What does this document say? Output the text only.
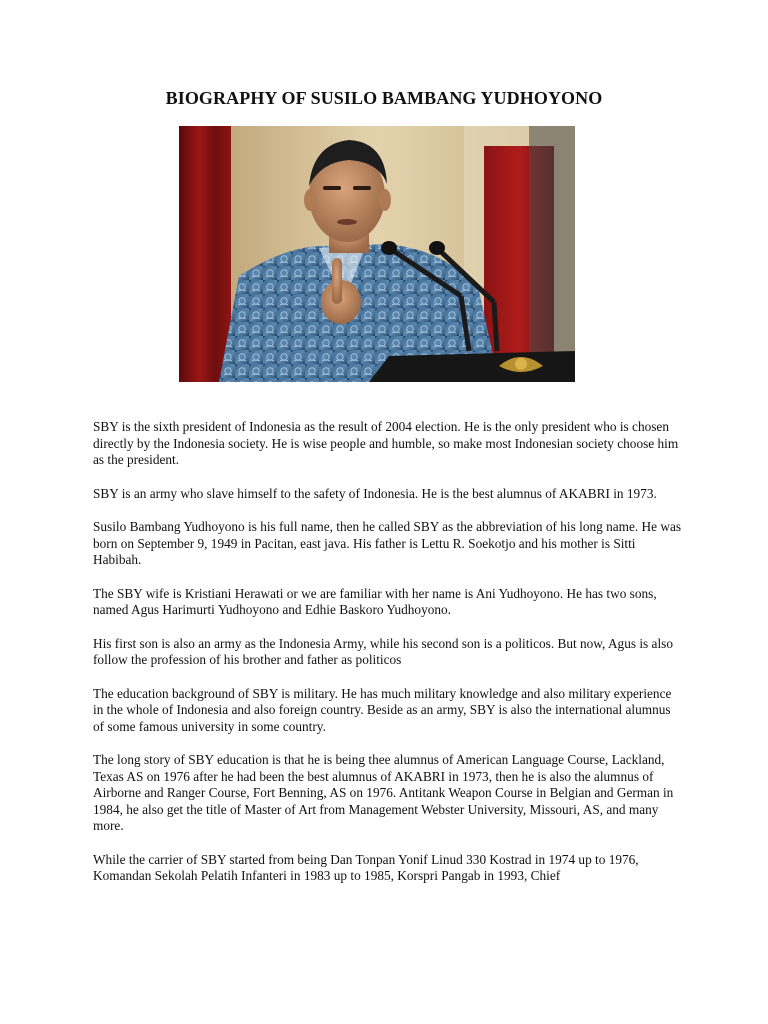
BIOGRAPHY OF SUSILO BAMBANG YUDHOYONO

SBY is the sixth president of Indonesia as the result of 2004 election. He is the only president who is chosen directly by the Indonesia society. He is wise people and humble, so make most Indonesian society choose him as the president.

SBY is an army who slave himself to the safety of Indonesia. He is the best alumnus of AKABRI in 1973.

Susilo Bambang Yudhoyono is his full name, then he called SBY as the abbreviation of his long name. He was born on September 9, 1949 in Pacitan, east java. His father is Lettu R. Soekotjo and his mother is Sitti Habibah.

The SBY wife is Kristiani Herawati or we are familiar with her name is Ani Yudhoyono. He has two sons, named Agus Harimurti Yudhoyono and Edhie Baskoro Yudhoyono.

His first son is also an army as the Indonesia Army, while his second son is a politicos. But now, Agus is also follow the profession of his brother and father as politicos

The education background of SBY is military. He has much military knowledge and also military experience in the whole of Indonesia and also foreign country. Beside as an army, SBY is also the international alumnus of some famous university in some country.

The long story of SBY education is that he is being thee alumnus of American Language Course, Lackland, Texas AS on 1976 after he had been the best alumnus of AKABRI in 1973, then he is also the alumnus of Airborne and Ranger Course, Fort Benning, AS on 1976. Antitank Weapon Course in Belgian and German in 1984, he also get the title of Master of Art from Management Webster University, Missouri, AS, and many more.

While the carrier of SBY started from being Dan Tonpan Yonif Linud 330 Kostrad in 1974 up to 1976, Komandan Sekolah Pelatih Infanteri in 1983 up to 1985, Korspri Pangab in 1993, Chief
